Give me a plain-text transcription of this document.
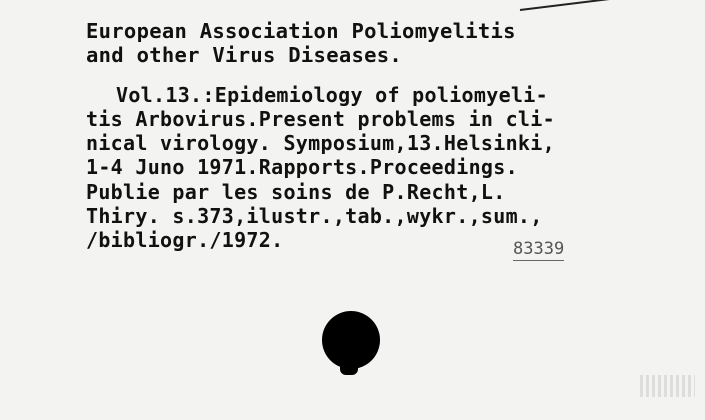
European Association Poliomyelitis
and other Virus Diseases.
Vol.13.:Epidemiology of poliomyeli-
tis Arbovirus.Present problems in cli-
nical virology. Symposium,13.Helsinki,
1-4 Juno 1971.Rapports.Proceedings.
Publie par les soins de P.Recht,L.
Thiry. s.373,ilustr.,tab.,wykr.,sum.,
/bibliogr./1972.	83339
